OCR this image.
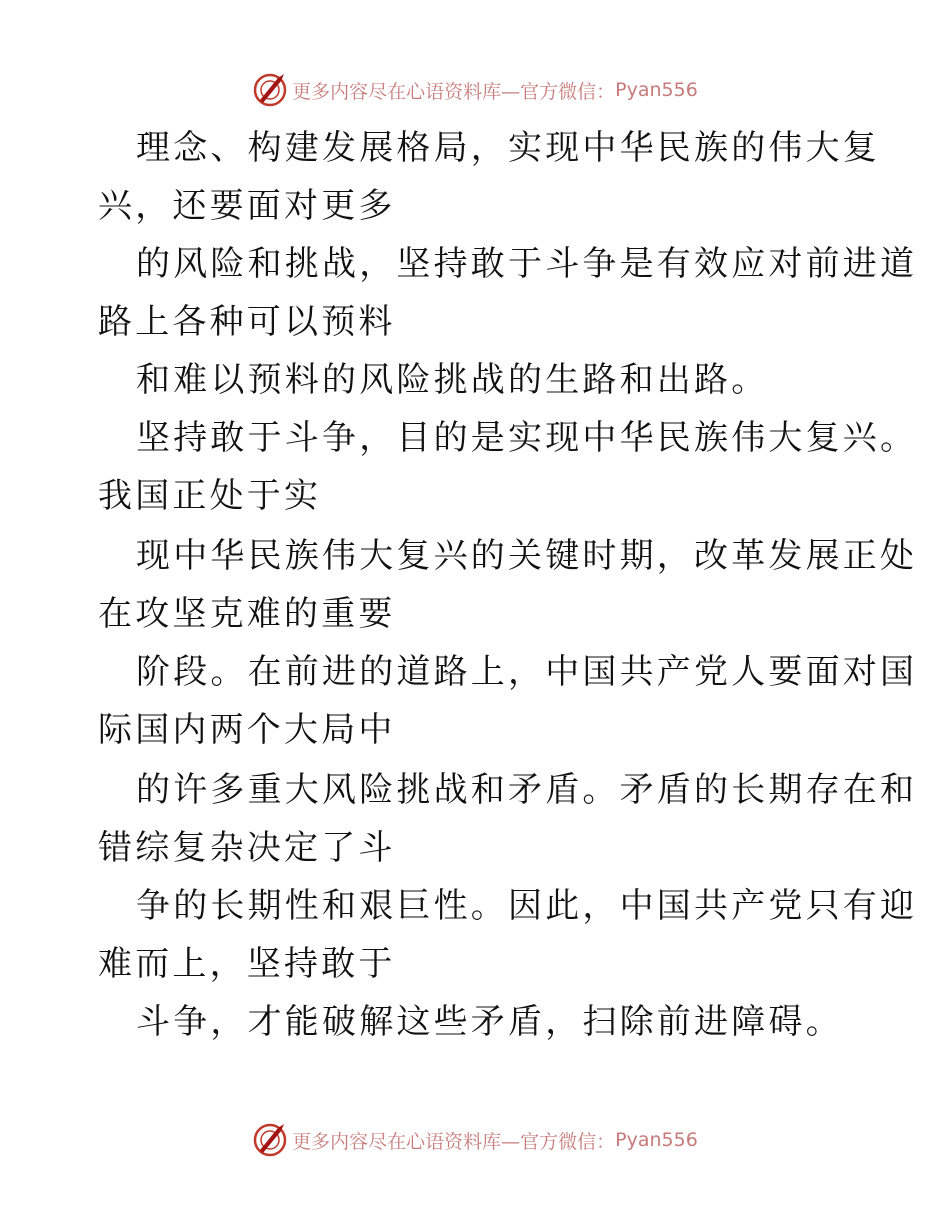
更多内容尽在心语资料库—官方微信： Pyan556
理念、构建发展格局，实现中华民族的伟大复
兴，还要面对更多
的风险和挑战，坚持敢于斗争是有效应对前进道
路上各种可以预料
和难以预料的风险挑战的生路和出路。
坚持敢于斗争，目的是实现中华民族伟大复兴。
我国正处于实
现中华民族伟大复兴的关键时期，改革发展正处
在攻坚克难的重要
阶段。在前进的道路上，中国共产党人要面对国
际国内两个大局中
的许多重大风险挑战和矛盾。矛盾的长期存在和
错综复杂决定了斗
争的长期性和艰巨性。因此，中国共产党只有迎
难而上，坚持敢于
斗争，才能破解这些矛盾，扫除前进障碍。
更多内容尽在心语资料库—官方微信： Pyan556
